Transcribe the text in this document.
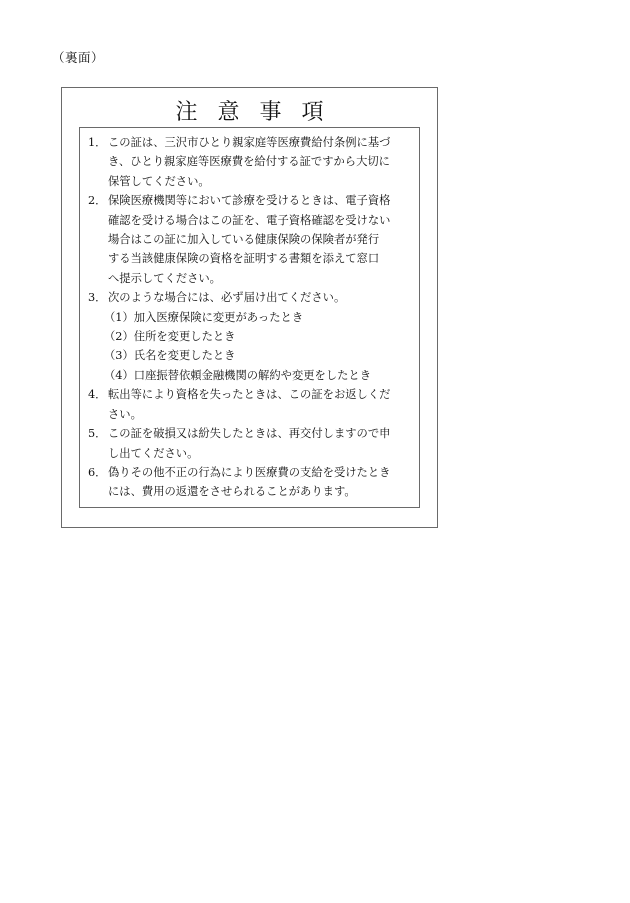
（裏面）
注意事項
1． この証は、三沢市ひとり親家庭等医療費給付条例に基づ
き、ひとり親家庭等医療費を給付する証ですから大切に
保管してください。
2． 保険医療機関等において診療を受けるときは、電子資格
確認を受ける場合はこの証を、電子資格確認を受けない
場合はこの証に加入している健康保険の保険者が発行
する当該健康保険の資格を証明する書類を添えて窓口
へ提示してください。
3． 次のような場合には、必ず届け出てください。
（1）加入医療保険に変更があったとき
（2）住所を変更したとき
（3）氏名を変更したとき
（4）口座振替依頼金融機関の解約や変更をしたとき
4． 転出等により資格を失ったときは、この証をお返しくだ
さい。
5． この証を破損又は紛失したときは、再交付しますので申
し出てください。
6． 偽りその他不正の行為により医療費の支給を受けたとき
には、費用の返還をさせられることがあります。
